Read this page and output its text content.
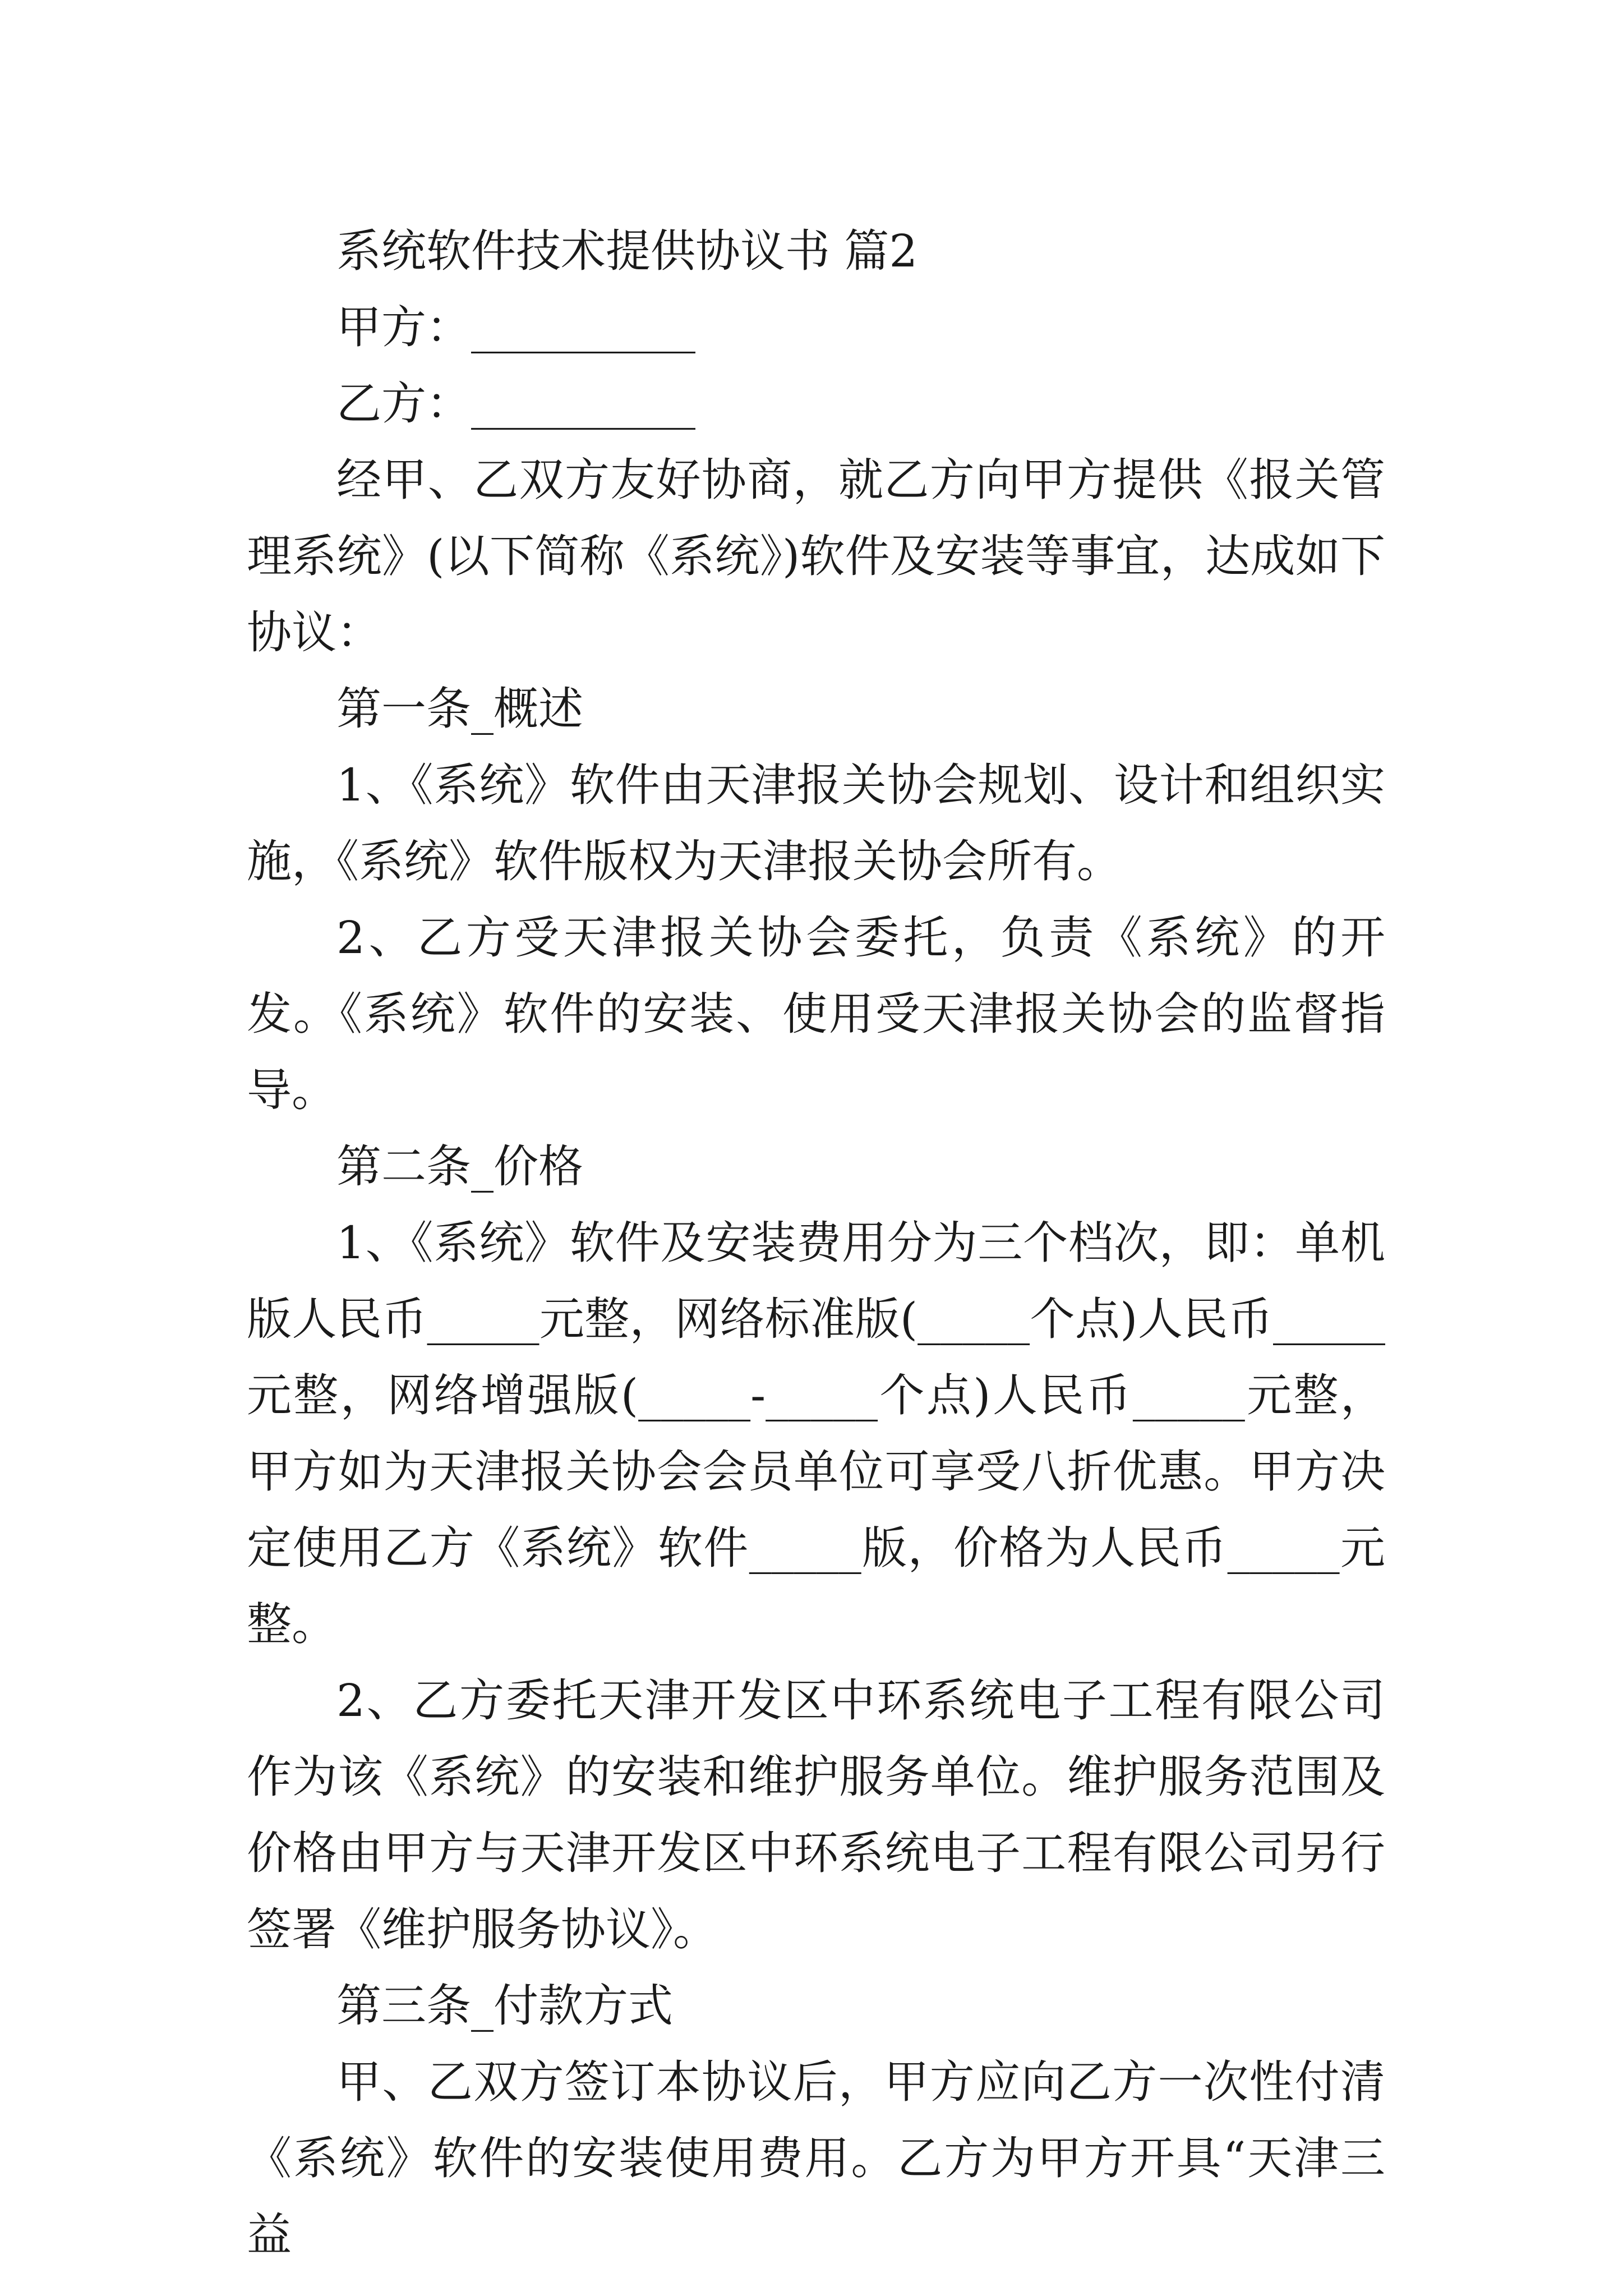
系统软件技术提供协议书 篇2

甲方：__________

乙方：__________

经甲、乙双方友好协商，就乙方向甲方提供《报关管理系统》(以下简称《系统》)软件及安装等事宜，达成如下协议：

第一条_概述

1、《系统》软件由天津报关协会规划、设计和组织实施，《系统》软件版权为天津报关协会所有。

2、乙方受天津报关协会委托，负责《系统》的开发。《系统》软件的安装、使用受天津报关协会的监督指导。

第二条_价格

1、《系统》软件及安装费用分为三个档次，即：单机版人民币_____元整，网络标准版(_____个点)人民币_____元整，网络增强版(_____-_____个点)人民币_____元整，甲方如为天津报关协会会员单位可享受八折优惠。甲方决定使用乙方《系统》软件_____版，价格为人民币_____元整。

2、乙方委托天津开发区中环系统电子工程有限公司作为该《系统》的安装和维护服务单位。维护服务范围及价格由甲方与天津开发区中环系统电子工程有限公司另行签署《维护服务协议》。

第三条_付款方式

甲、乙双方签订本协议后，甲方应向乙方一次性付清《系统》软件的安装使用费用。乙方为甲方开具“天津三益
